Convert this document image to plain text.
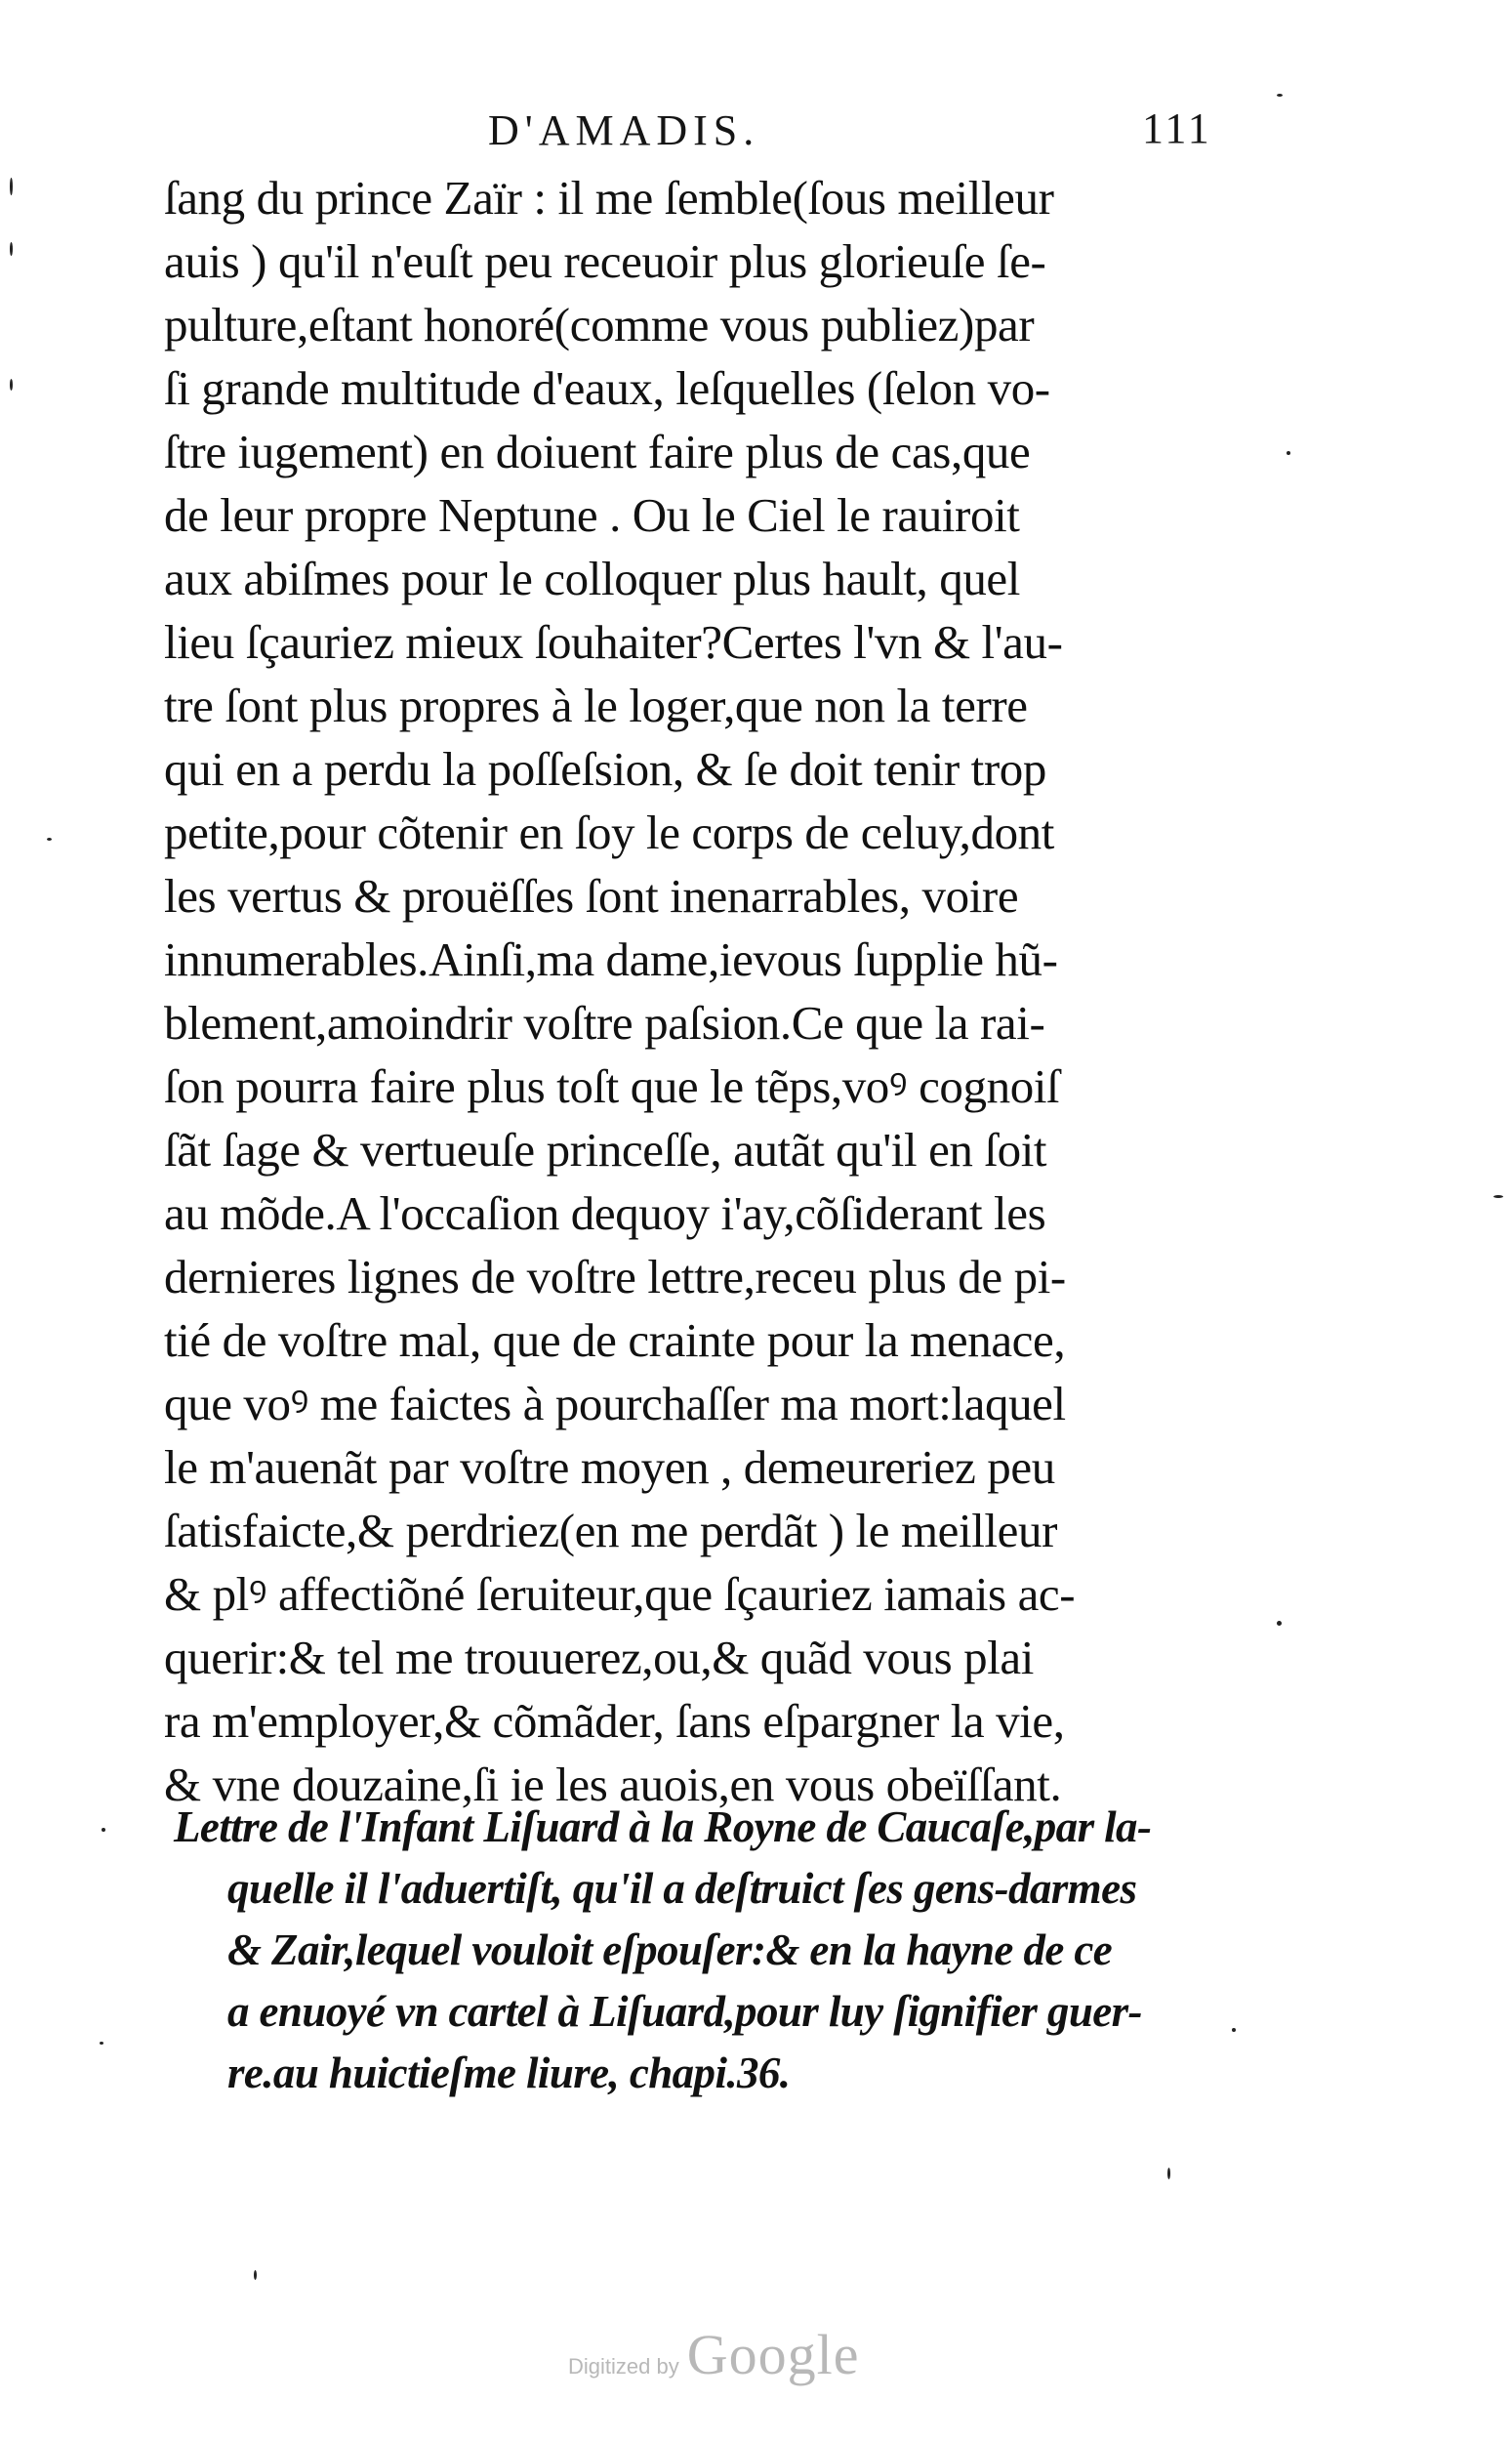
D'AMADIS.	111
ſang du prince Zaïr : il me ſemble(ſous meilleur
auis ) qu'il n'euſt peu receuoir plus glorieuſe ſe-
pulture,eſtant honoré(comme vous publiez)par
ſi grande multitude d'eaux, leſquelles (ſelon vo-
ſtre iugement) en doiuent faire plus de cas,que
de leur propre Neptune . Ou le Ciel le rauiroit
aux abiſmes pour le colloquer plus hault, quel
lieu ſçauriez mieux ſouhaiter?Certes l'vn & l'au-
tre ſont plus propres à le loger,que non la terre
qui en a perdu la poſſeſsion, & ſe doit tenir trop
petite,pour cõtenir en ſoy le corps de celuy,dont
les vertus & prouëſſes ſont inenarrables, voire
innumerables.Ainſi,ma dame,ievous ſupplie hũ-
blement,amoindrir voſtre paſsion.Ce que la rai-
ſon pourra faire plus toſt que le tẽps,voꝰ cognoiſ
ſãt ſage & vertueuſe princeſſe, autãt qu'il en ſoit
au mõde.A l'occaſion dequoy i'ay,cõſiderant les
dernieres lignes de voſtre lettre,receu plus de pi-
tié de voſtre mal, que de crainte pour la menace,
que voꝰ me faictes à pourchaſſer ma mort:laquel
le m'auenãt par voſtre moyen , demeureriez peu
ſatisfaicte,& perdriez(en me perdãt ) le meilleur
& plꝰ affectiõné ſeruiteur,que ſçauriez iamais ac-
querir:& tel me trouuerez,ou,& quãd vous plai
ra m'employer,& cõmãder, ſans eſpargner la vie,
& vne douzaine,ſi ie les auois,en vous obeïſſant.
Lettre de l'Infant Liſuard à la Royne de Caucaſe,par la-
quelle il l'aduertiſt, qu'il a deſtruict ſes gens-darmes
& Zair,lequel vouloit eſpouſer:& en la hayne de ce
a enuoyé vn cartel à Liſuard,pour luy ſignifier guer-
re.au huictieſme liure, chapi.36.
Digitized by Google
